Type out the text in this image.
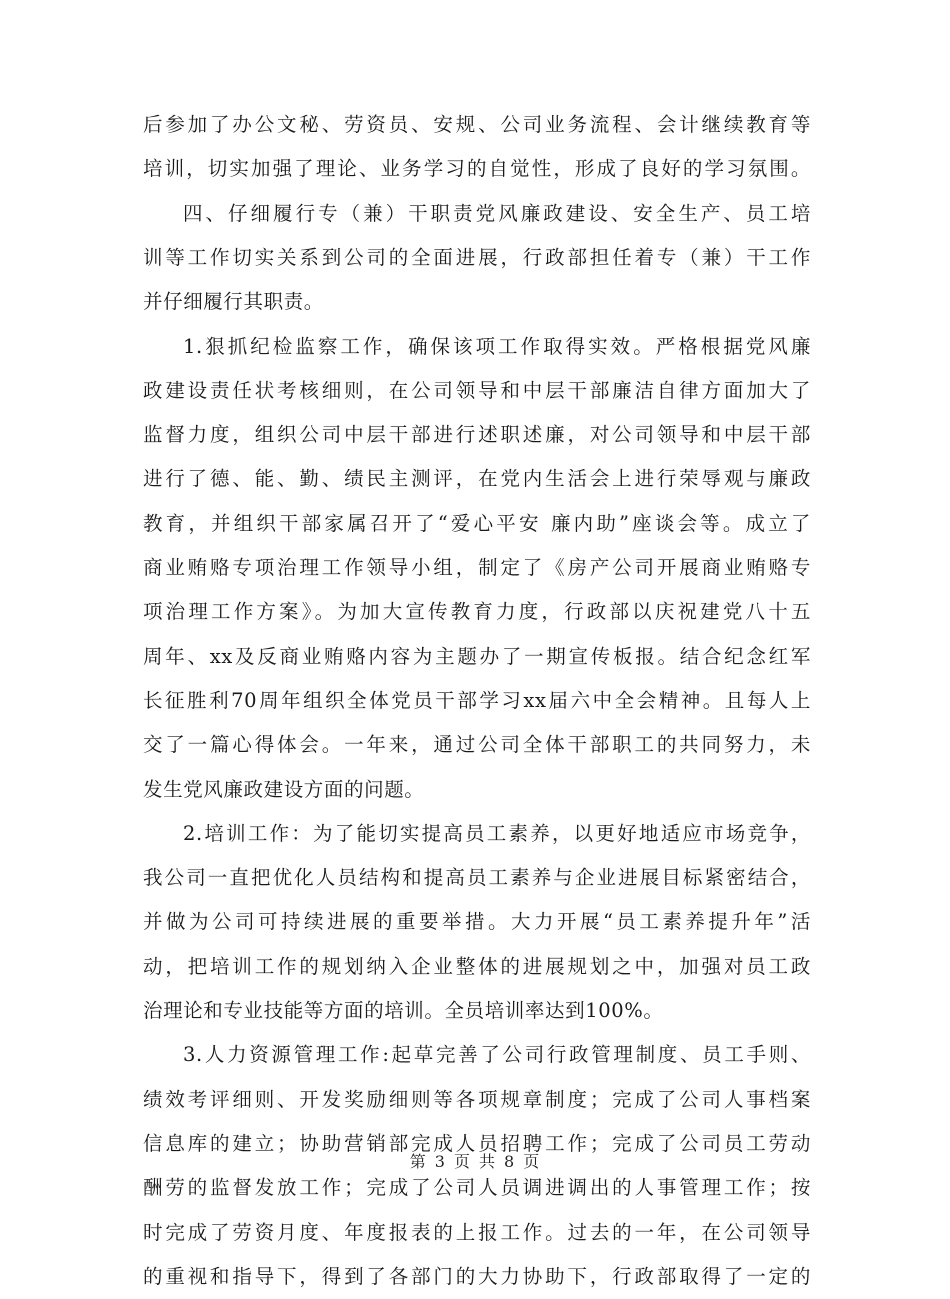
后参加了办公文秘、劳资员、安规、公司业务流程、会计继续教育等
培训，切实加强了理论、业务学习的自觉性，形成了良好的学习氛围。
四、仔细履行专（兼）干职责党风廉政建设、安全生产、员工培
训等工作切实关系到公司的全面进展，行政部担任着专（兼）干工作
并仔细履行其职责。
1.狠抓纪检监察工作，确保该项工作取得实效。严格根据党风廉
政建设责任状考核细则，在公司领导和中层干部廉洁自律方面加大了
监督力度，组织公司中层干部进行述职述廉，对公司领导和中层干部
进行了德、能、勤、绩民主测评，在党内生活会上进行荣辱观与廉政
教育，并组织干部家属召开了“爱心平安 廉内助”座谈会等。成立了
商业贿赂专项治理工作领导小组，制定了《房产公司开展商业贿赂专
项治理工作方案》。为加大宣传教育力度，行政部以庆祝建党八十五
周年、xx及反商业贿赂内容为主题办了一期宣传板报。结合纪念红军
长征胜利70周年组织全体党员干部学习xx届六中全会精神。且每人上
交了一篇心得体会。一年来，通过公司全体干部职工的共同努力，未
发生党风廉政建设方面的问题。
2.培训工作：为了能切实提高员工素养，以更好地适应市场竞争，
我公司一直把优化人员结构和提高员工素养与企业进展目标紧密结合，
并做为公司可持续进展的重要举措。大力开展“员工素养提升年”活
动，把培训工作的规划纳入企业整体的进展规划之中，加强对员工政
治理论和专业技能等方面的培训。全员培训率达到100%。
3.人力资源管理工作:起草完善了公司行政管理制度、员工手则、
绩效考评细则、开发奖励细则等各项规章制度；完成了公司人事档案
信息库的建立；协助营销部完成人员招聘工作；完成了公司员工劳动
酬劳的监督发放工作；完成了公司人员调进调出的人事管理工作；按
时完成了劳资月度、年度报表的上报工作。过去的一年，在公司领导
的重视和指导下，得到了各部门的大力协助下，行政部取得了一定的
第 3 页 共 8 页
